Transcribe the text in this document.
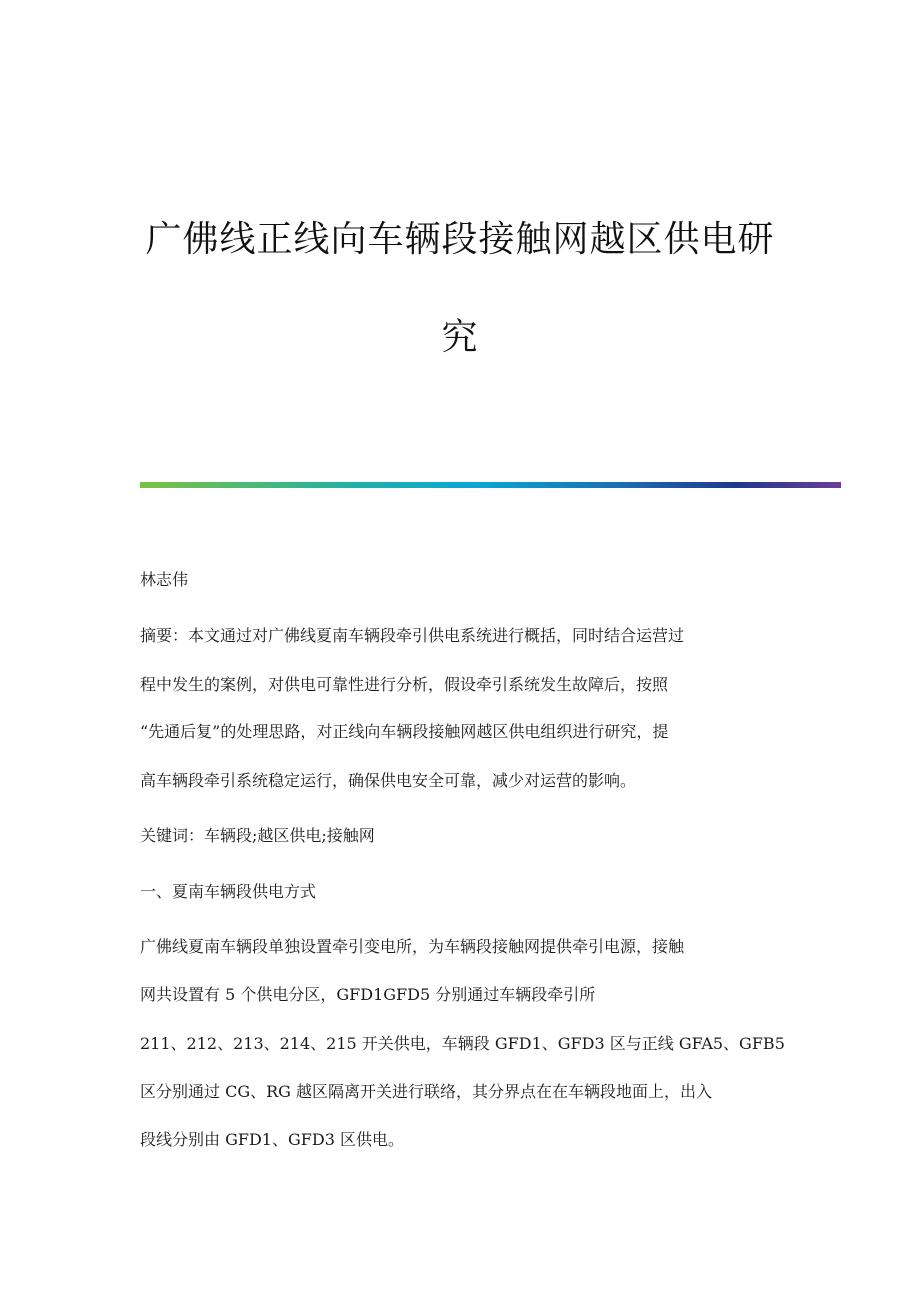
广佛线正线向车辆段接触网越区供电研
究

林志伟

摘要：本文通过对广佛线夏南车辆段牵引供电系统进行概括，同时结合运营过

程中发生的案例，对供电可靠性进行分析，假设牵引系统发生故障后，按照

“先通后复”的处理思路，对正线向车辆段接触网越区供电组织进行研究，提

高车辆段牵引系统稳定运行，确保供电安全可靠，减少对运营的影响。

关键词：车辆段;越区供电;接触网

一、夏南车辆段供电方式

广佛线夏南车辆段单独设置牵引变电所，为车辆段接触网提供牵引电源，接触

网共设置有 5 个供电分区，GFD1GFD5 分别通过车辆段牵引所

211、212、213、214、215 开关供电，车辆段 GFD1、GFD3 区与正线 GFA5、GFB5

区分别通过 CG、RG 越区隔离开关进行联络，其分界点在在车辆段地面上，出入

段线分别由 GFD1、GFD3 区供电。
